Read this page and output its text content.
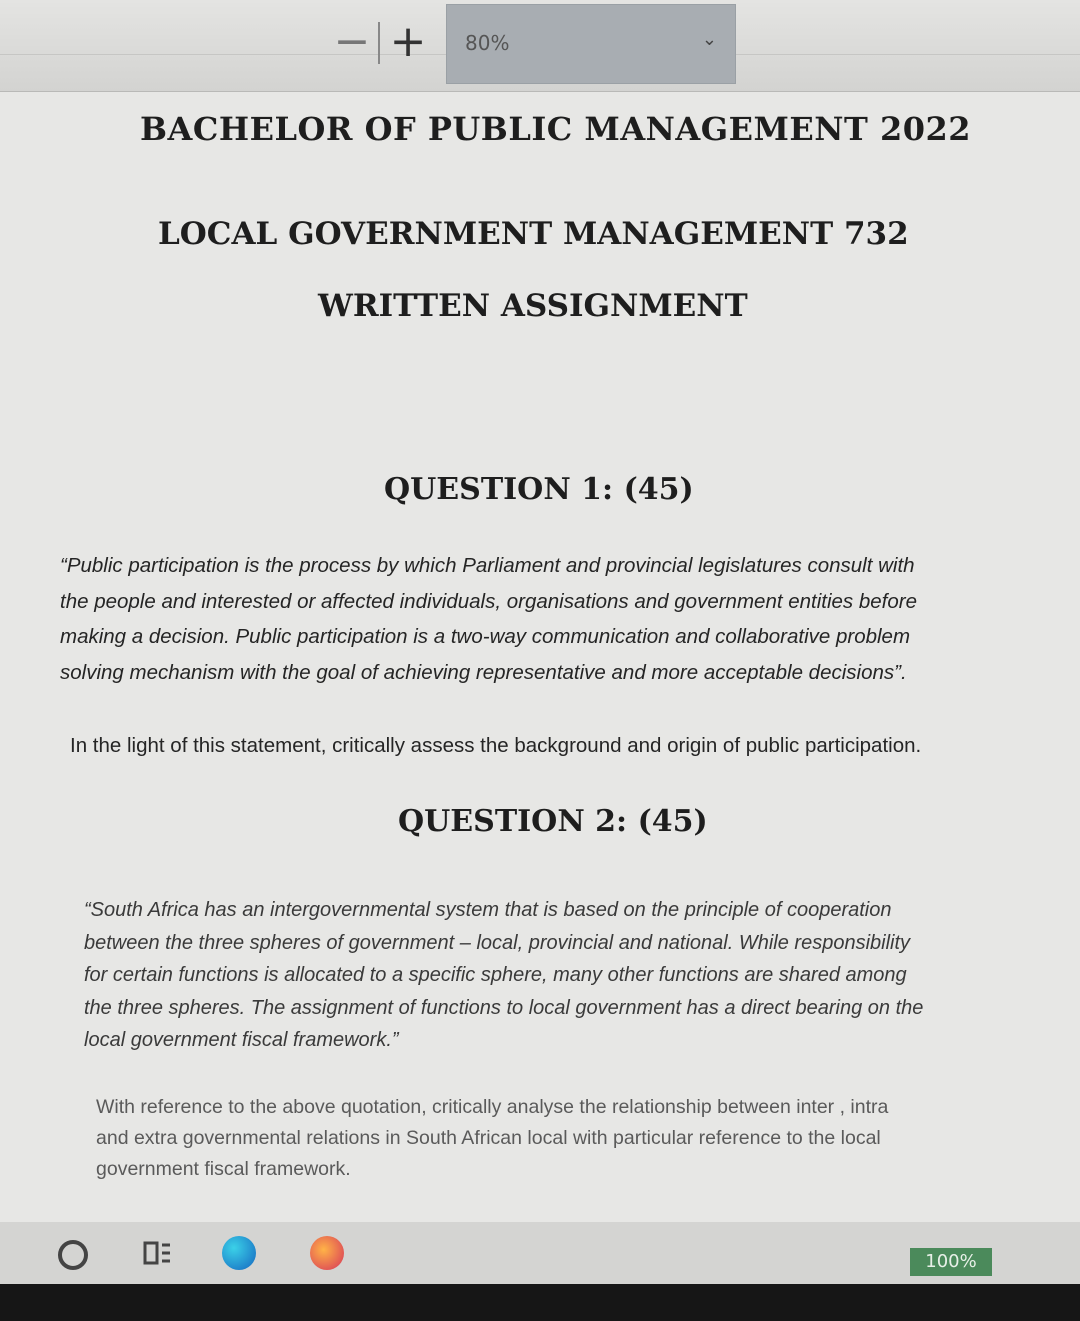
− + 80%	⌄
BACHELOR OF PUBLIC MANAGEMENT 2022
LOCAL GOVERNMENT MANAGEMENT 732
WRITTEN ASSIGNMENT
QUESTION 1: (45)
“Public participation is the process by which Parliament and provincial legislatures consult with
the people and interested or affected individuals, organisations and government entities before
making a decision. Public participation is a two-way communication and collaborative problem
solving mechanism with the goal of achieving representative and more acceptable decisions”.
In the light of this statement, critically assess the background and origin of public participation.
QUESTION 2: (45)
“South Africa has an intergovernmental system that is based on the principle of cooperation
between the three spheres of government – local, provincial and national. While responsibility
for certain functions is allocated to a specific sphere, many other functions are shared among
the three spheres. The assignment of functions to local government has a direct bearing on the
local government fiscal framework.”
With reference to the above quotation, critically analyse the relationship between inter , intra
and extra governmental relations in South African local with particular reference to the local
government fiscal framework.
100%
